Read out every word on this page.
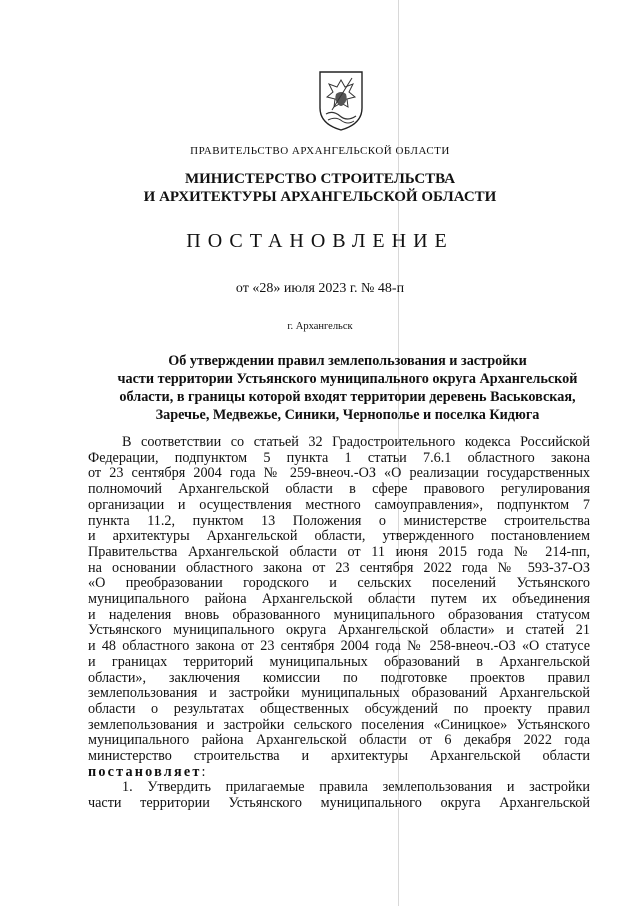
ПРАВИТЕЛЬСТВО АРХАНГЕЛЬСКОЙ ОБЛАСТИ
МИНИСТЕРСТВО СТРОИТЕЛЬСТВА
И АРХИТЕКТУРЫ АРХАНГЕЛЬСКОЙ ОБЛАСТИ
ПОСТАНОВЛЕНИЕ
от «28» июля 2023 г. № 48-п
г. Архангельск
Об утверждении правил землепользования и застройки
части территории Устьянского муниципального округа Архангельской
области, в границы которой входят территории деревень Васьковская,
Заречье, Медвежье, Синики, Чернополье и поселка Кидюга

В соответствии со статьей 32 Градостроительного кодекса Российской

Федерации, подпунктом 5 пункта 1 статьи 7.6.1 областного закона

от 23 сентября 2004 года № 259-внеоч.-ОЗ «О реализации государственных

полномочий Архангельской области в сфере правового регулирования

организации и осуществления местного самоуправления», подпунктом 7

пункта 11.2, пунктом 13 Положения о министерстве строительства

и архитектуры Архангельской области, утвержденного постановлением

Правительства Архангельской области от 11 июня 2015 года № 214-пп,

на основании областного закона от 23 сентября 2022 года № 593-37-ОЗ

«О преобразовании городского и сельских поселений Устьянского

муниципального района Архангельской области путем их объединения

и наделения вновь образованного муниципального образования статусом

Устьянского муниципального округа Архангельской области» и статей 21

и 48 областного закона от 23 сентября 2004 года № 258-внеоч.-ОЗ «О статусе

и границах территорий муниципальных образований в Архангельской

области», заключения комиссии по подготовке проектов правил

землепользования и застройки муниципальных образований Архангельской

области о результатах общественных обсуждений по проекту правил

землепользования и застройки сельского поселения «Синицкое» Устьянского

муниципального района Архангельской области от 6 декабря 2022 года

министерство строительства и архитектуры Архангельской области

постановляет:

1. Утвердить прилагаемые правила землепользования и застройки

части территории Устьянского муниципального округа Архангельской
